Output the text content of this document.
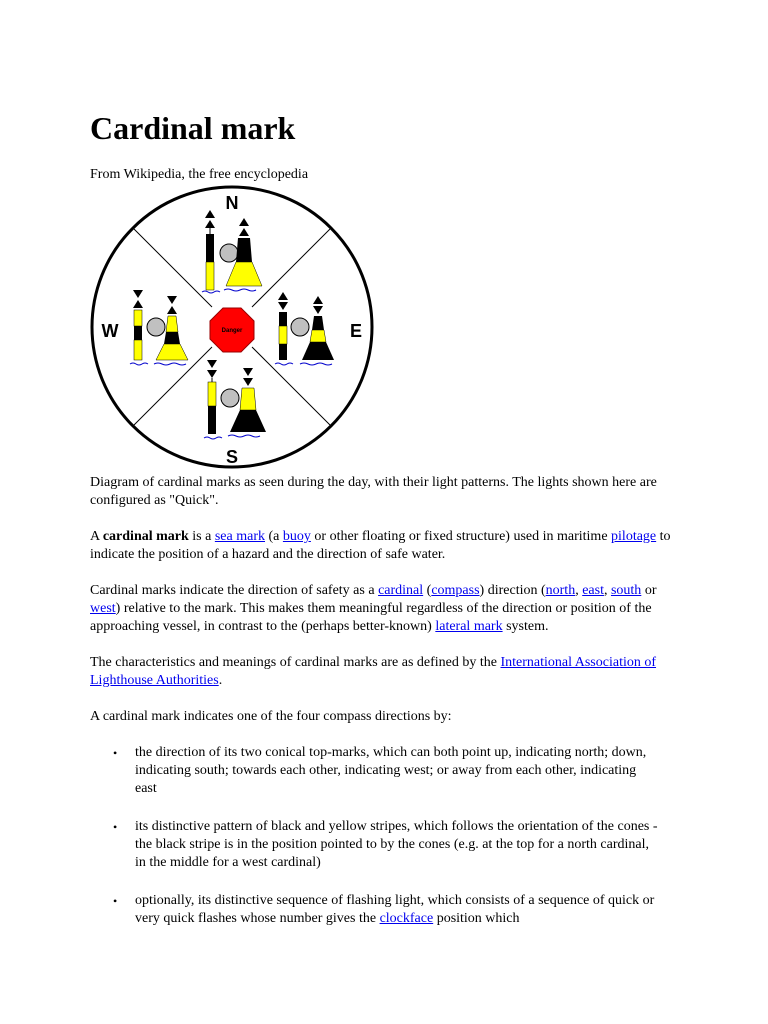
Cardinal mark
From Wikipedia, the free encyclopedia
Danger
N
S
W	E
Diagram of cardinal marks as seen during the day, with their light patterns. The lights shown here are configured as "Quick".
A cardinal mark is a sea mark (a buoy or other floating or fixed structure) used in maritime pilotage to indicate the position of a hazard and the direction of safe water.
Cardinal marks indicate the direction of safety as a cardinal (compass) direction (north, east, south or west) relative to the mark. This makes them meaningful regardless of the direction or position of the approaching vessel, in contrast to the (perhaps better-known) lateral mark system.
The characteristics and meanings of cardinal marks are as defined by the International Association of Lighthouse Authorities.
A cardinal mark indicates one of the four compass directions by:
• the direction of its two conical top-marks, which can both point up, indicating north; down, indicating south; towards each other, indicating west; or away from each other, indicating east
• its distinctive pattern of black and yellow stripes, which follows the orientation of the cones - the black stripe is in the position pointed to by the cones (e.g. at the top for a north cardinal, in the middle for a west cardinal)
• optionally, its distinctive sequence of flashing light, which consists of a sequence of quick or very quick flashes whose number gives the clockface position which
